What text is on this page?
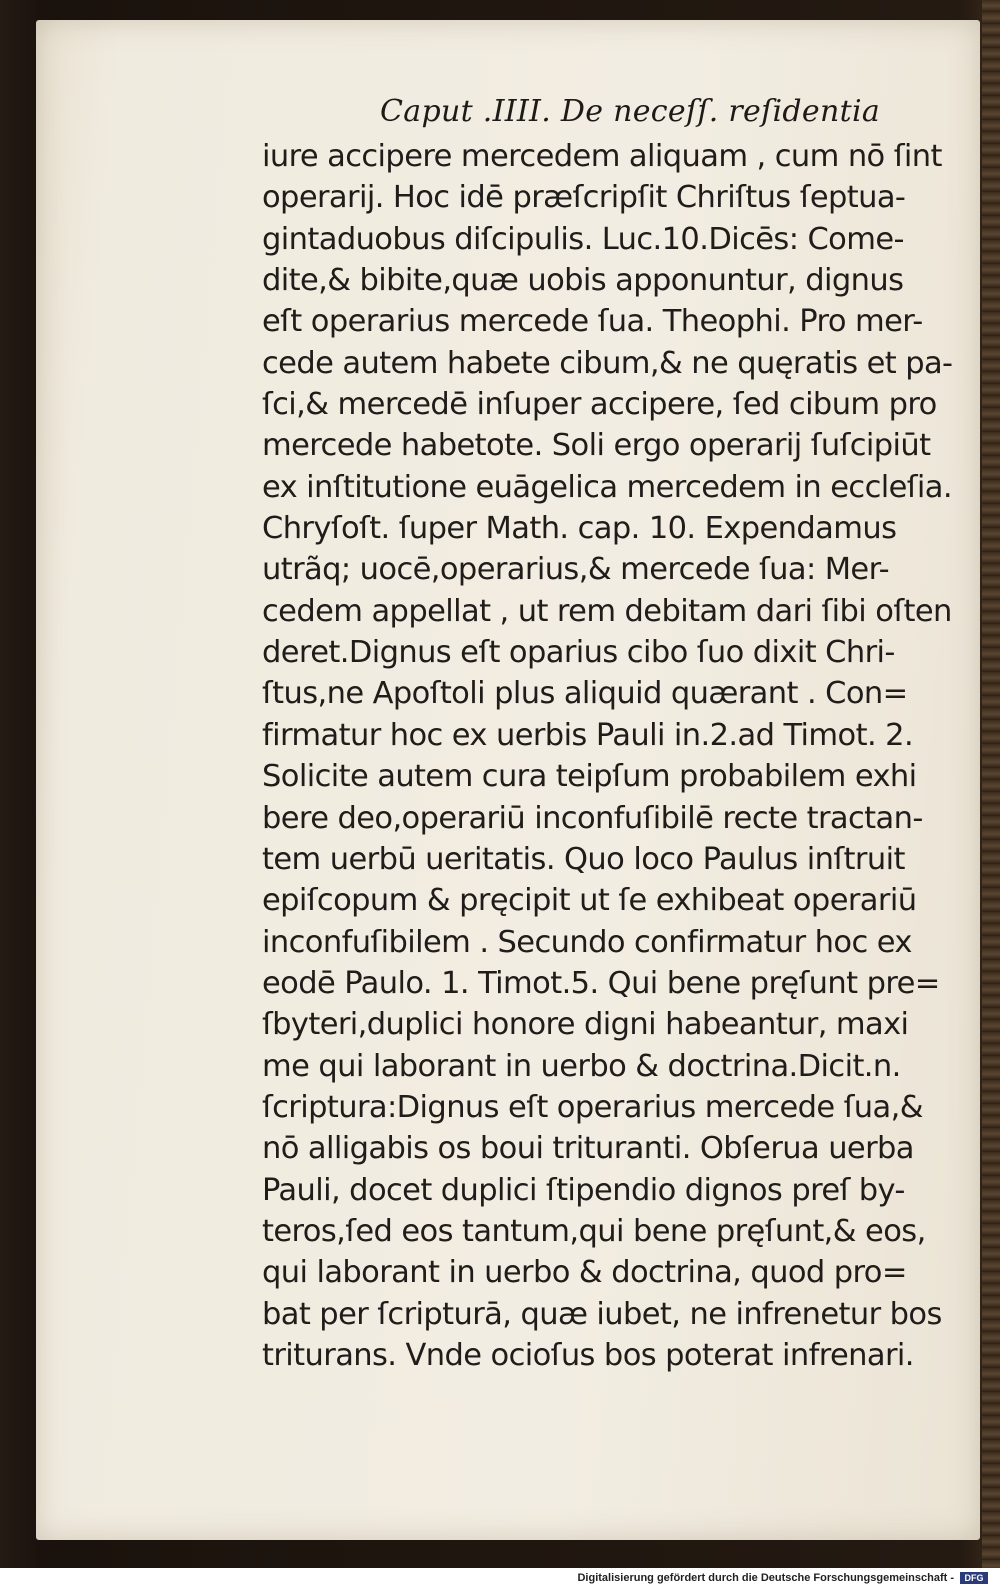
Caput .IIII. De neceſſ. reſidentia
iure accipere mercedem aliquam , cum nō ſint
operarij. Hoc idē præſcripſit Chriſtus ſeptua-
gintaduobus diſcipulis. Luc.10.Dicēs: Come-
dite,& bibite,quæ uobis apponuntur, dignus
eſt operarius mercede ſua. Theophi. Pro mer-
cede autem habete cibum,& ne quęratis et pa-
ſci,& mercedē inſuper accipere, ſed cibum pro
mercede habetote. Soli ergo operarij ſuſcipiūt
ex inſtitutione euāgelica mercedem in eccleſia.
Chryſoſt. ſuper Math. cap. 10. Expendamus
utrãq; uocē,operarius,& mercede ſua: Mer-
cedem appellat , ut rem debitam dari ſibi oſten
deret.Dignus eſt oparius cibo ſuo dixit Chri-
ſtus,ne Apoſtoli plus aliquid quærant . Con=
firmatur hoc ex uerbis Pauli in.2.ad Timot. 2.
Solicite autem cura teipſum probabilem exhi
bere deo,operariū inconfuſibilē recte tractan-
tem uerbū ueritatis. Quo loco Paulus inſtruit
epiſcopum & pręcipit ut ſe exhibeat operariū
inconfuſibilem . Secundo confirmatur hoc ex
eodē Paulo. 1. Timot.5. Qui bene pręſunt pre=
ſbyteri,duplici honore digni habeantur, maxi
me qui laborant in uerbo & doctrina.Dicit.n.
ſcriptura:Dignus eſt operarius mercede ſua,&
nō alligabis os boui trituranti. Obſerua uerba
Pauli, docet duplici ſtipendio dignos preſ by-
teros,ſed eos tantum,qui bene pręſunt,& eos,
qui laborant in uerbo & doctrina, quod pro=
bat per ſcripturā, quæ iubet, ne infrenetur bos
triturans. Vnde ocioſus bos poterat infrenari.
Digitalisierung gefördert durch die Deutsche Forschungsgemeinschaft -	DFG
